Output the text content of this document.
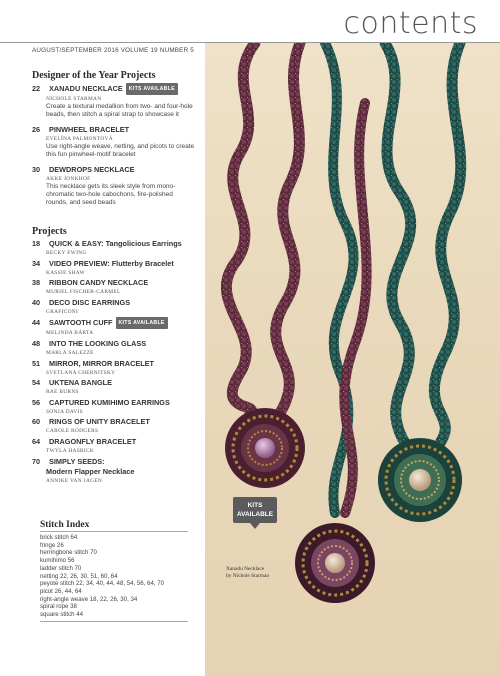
contents
AUGUST/SEPTEMBER 2016 VOLUME 19 NUMBER 5
Designer of the Year Projects
22	XANADU NECKLACE	KITS AVAILABLE
NICHOLE STARMAN
Create a textural medallion from two- and four-hole beads, then stitch a spiral strap to showcase it
26	PINWHEEL BRACELET
EVELÍNA PALMONTOVÁ
Use right-angle weave, netting, and picots to create this fun pinwheel-motif bracelet
30	DEWDROPS NECKLACE
AKKE JONKHOF
This necklace gets its sleek style from mono-chromatic two-hole cabochons, fire-polished rounds, and seed beads
Projects
18	QUICK & EASY: Tangolicious Earrings
BECKY EWING
34	VIDEO PREVIEW: Flutterby Bracelet
KASSIE SHAW
38	RIBBON CANDY NECKLACE
MURIEL FISCHER-CARMEL
40	DECO DISC EARRINGS
GRAFICONI
44	SAWTOOTH CUFF	KITS AVAILABLE
MELINDA BÁRTA
48	INTO THE LOOKING GLASS
MARLA SALEZZE
51	MIRROR, MIRROR BRACELET
SVETLANA CHERNITSKY
54	UKTENA BANGLE
RAE BURNS
56	CAPTURED KUMIHIMO EARRINGS
SONJA DAVIS
60	RINGS OF UNITY BRACELET
CAROLE RODGERS
64	DRAGONFLY BRACELET
TWYLA HASBICK
70	SIMPLY SEEDS:
Modern Flapper Necklace
ANNIKE VAN JAGEN
Stitch Index
brick stitch 64
fringe 26
herringbone stitch 70
kumihimo 56
ladder stitch 70
netting 22, 26, 30, 51, 60, 64
peyote stitch 22, 34, 40, 44, 48, 54, 56, 64, 70
picot 26, 44, 64
right-angle weave 18, 22, 26, 30, 34
spiral rope 38
square stitch 44
KITS
AVAILABLE
Xanadu Necklace
by Nichole Starman
